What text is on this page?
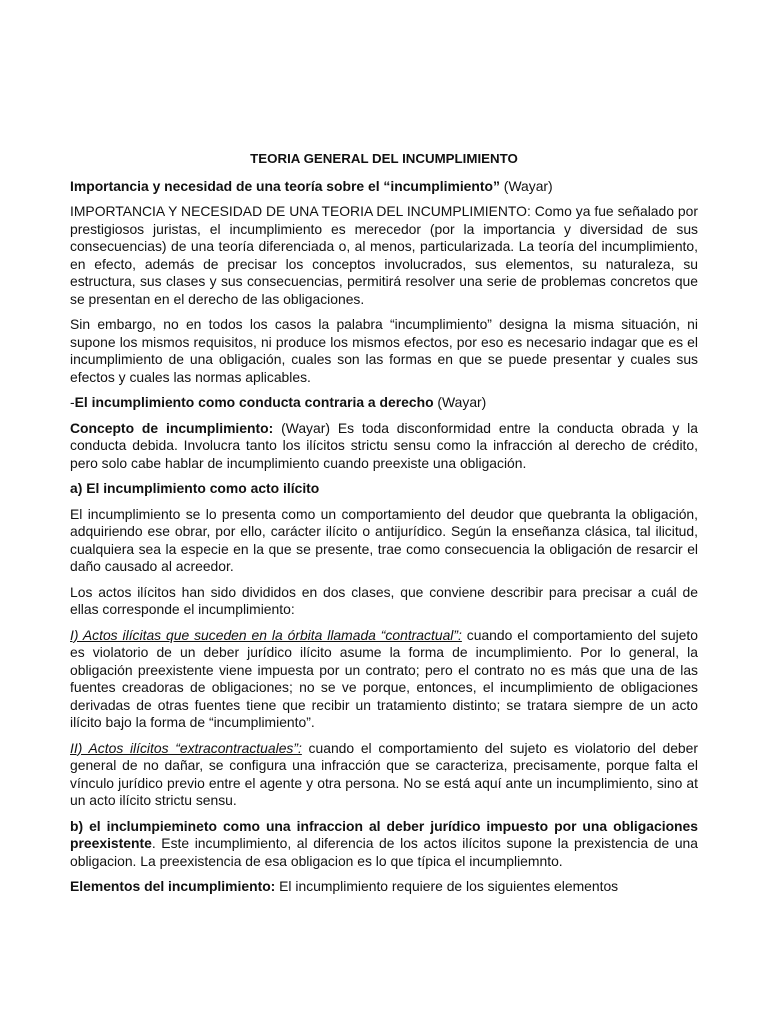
TEORIA GENERAL DEL INCUMPLIMIENTO

Importancia y necesidad de una teoría sobre el “incumplimiento” (Wayar)

IMPORTANCIA Y NECESIDAD DE UNA TEORIA DEL INCUMPLIMIENTO: Como ya fue señalado por prestigiosos juristas, el incumplimiento es merecedor (por la importancia y diversidad de sus consecuencias) de una teoría diferenciada o, al menos, particularizada. La teoría del incumplimiento, en efecto, además de precisar los conceptos involucrados, sus elementos, su naturaleza, su estructura, sus clases y sus consecuencias, permitirá resolver una serie de problemas concretos que se presentan en el derecho de las obligaciones.

Sin embargo, no en todos los casos la palabra “incumplimiento” designa la misma situación, ni supone los mismos requisitos, ni produce los mismos efectos, por eso es necesario indagar que es el incumplimiento de una obligación, cuales son las formas en que se puede presentar y cuales sus efectos y cuales las normas aplicables.

-El incumplimiento como conducta contraria a derecho (Wayar)

Concepto de incumplimiento: (Wayar) Es toda disconformidad entre la conducta obrada y la conducta debida. Involucra tanto los ilícitos strictu sensu como la infracción al derecho de crédito, pero solo cabe hablar de incumplimiento cuando preexiste una obligación.

a) El incumplimiento como acto ilícito

El incumplimiento se lo presenta como un comportamiento del deudor que quebranta la obligación, adquiriendo ese obrar, por ello, carácter ilícito o antijurídico. Según la enseñanza clásica, tal ilicitud, cualquiera sea la especie en la que se presente, trae como consecuencia la obligación de resarcir el daño causado al acreedor.

Los actos ilícitos han sido divididos en dos clases, que conviene describir para precisar a cuál de ellas corresponde el incumplimiento:

I) Actos ilícitas que suceden en la órbita llamada “contractual”: cuando el comportamiento del sujeto es violatorio de un deber jurídico ilícito asume la forma de incumplimiento. Por lo general, la obligación preexistente viene impuesta por un contrato; pero el contrato no es más que una de las fuentes creadoras de obligaciones; no se ve porque, entonces, el incumplimiento de obligaciones derivadas de otras fuentes tiene que recibir un tratamiento distinto; se tratara siempre de un acto ilícito bajo la forma de “incumplimiento”.

II) Actos ilícitos “extracontractuales”: cuando el comportamiento del sujeto es violatorio del deber general de no dañar, se configura una infracción que se caracteriza, precisamente, porque falta el vínculo jurídico previo entre el agente y otra persona. No se está aquí ante un incumplimiento, sino at un acto ilícito strictu sensu.

b) el inclumpiemineto como una infraccion al deber jurídico impuesto por una obligaciones preexistente. Este incumplimiento, al diferencia de los actos ilícitos supone la prexistencia de una obligacion. La preexistencia de esa obligacion es lo que típica el incumpliemnto.

Elementos del incumplimiento: El incumplimiento requiere de los siguientes elementos
